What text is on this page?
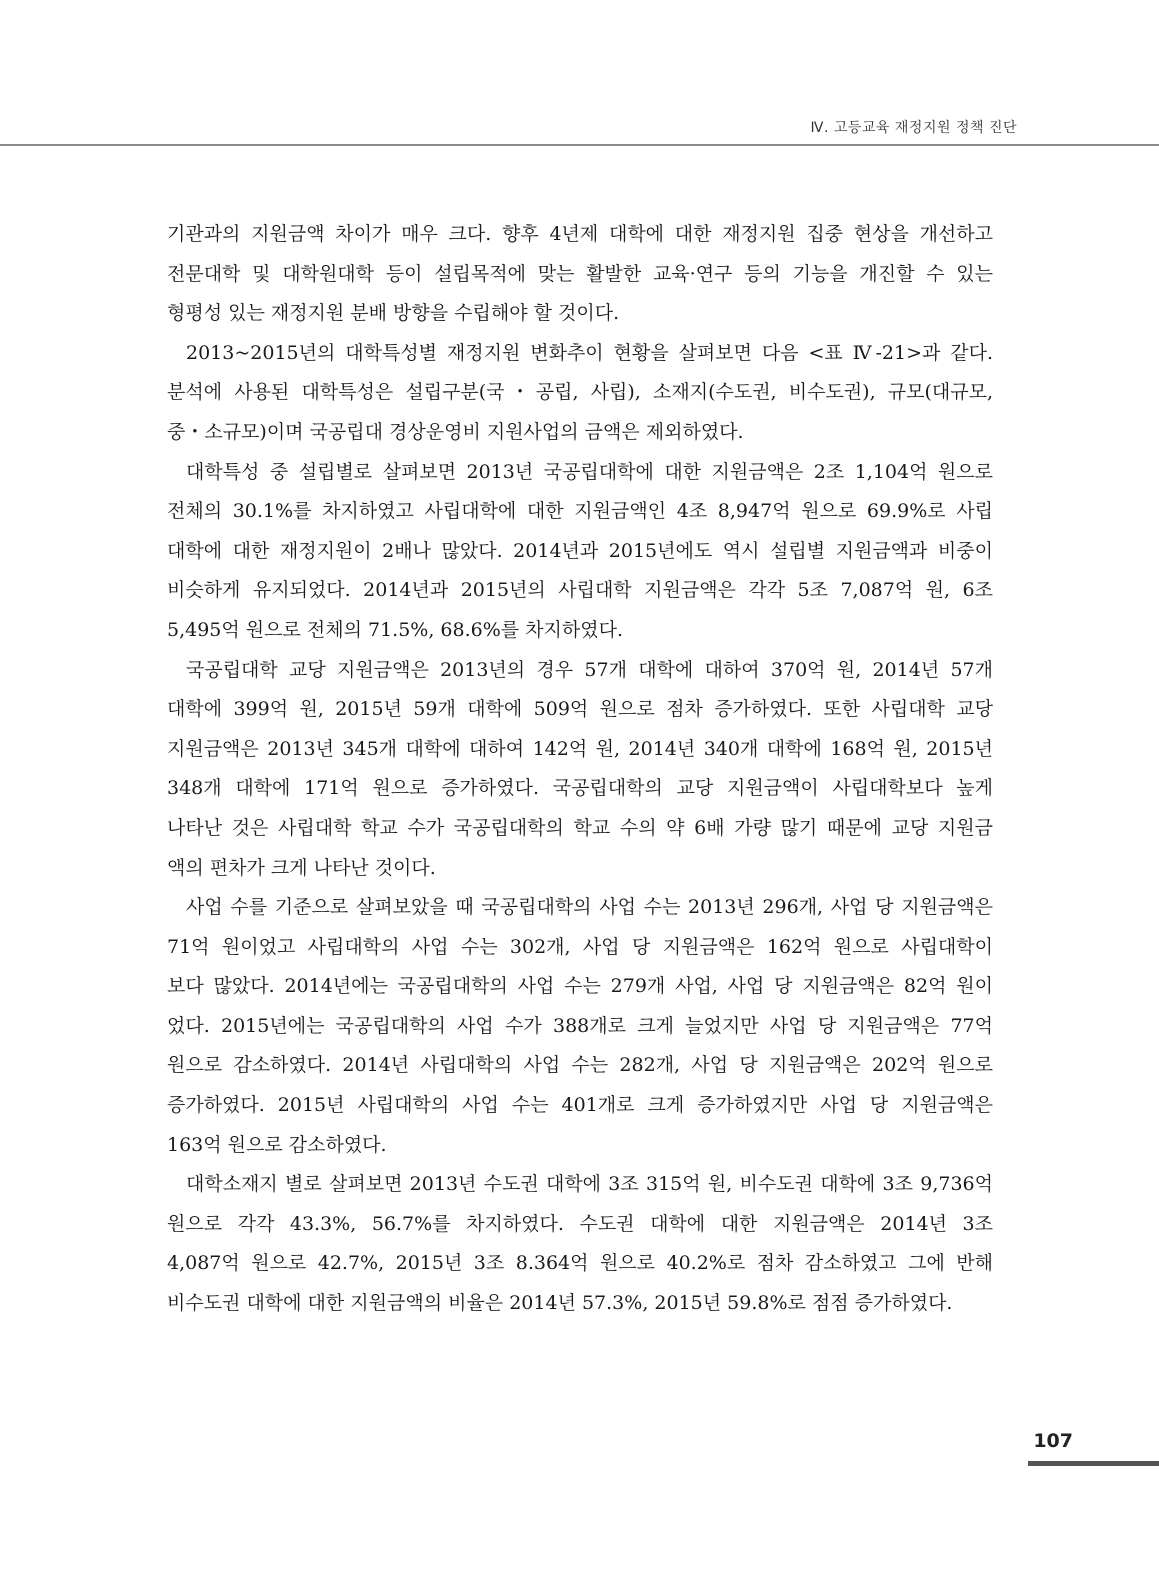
Ⅳ. 고등교육 재정지원 정책 진단
기관과의 지원금액 차이가 매우 크다. 향후 4년제 대학에 대한 재정지원 집중 현상을 개선하고
전문대학 및 대학원대학 등이 설립목적에 맞는 활발한 교육·연구 등의 기능을 개진할 수 있는
형평성 있는 재정지원 분배 방향을 수립해야 할 것이다.
2013~2015년의 대학특성별 재정지원 변화추이 현황을 살펴보면 다음 <표 Ⅳ-21>과 같다.
분석에 사용된 대학특성은 설립구분(국・공립, 사립), 소재지(수도권, 비수도권), 규모(대규모,
중・소규모)이며 국공립대 경상운영비 지원사업의 금액은 제외하였다.
대학특성 중 설립별로 살펴보면 2013년 국공립대학에 대한 지원금액은 2조 1,104억 원으로
전체의 30.1%를 차지하였고 사립대학에 대한 지원금액인 4조 8,947억 원으로 69.9%로 사립
대학에 대한 재정지원이 2배나 많았다. 2014년과 2015년에도 역시 설립별 지원금액과 비중이
비슷하게 유지되었다. 2014년과 2015년의 사립대학 지원금액은 각각 5조 7,087억 원, 6조
5,495억 원으로 전체의 71.5%, 68.6%를 차지하였다.
국공립대학 교당 지원금액은 2013년의 경우 57개 대학에 대하여 370억 원, 2014년 57개
대학에 399억 원, 2015년 59개 대학에 509억 원으로 점차 증가하였다. 또한 사립대학 교당
지원금액은 2013년 345개 대학에 대하여 142억 원, 2014년 340개 대학에 168억 원, 2015년
348개 대학에 171억 원으로 증가하였다. 국공립대학의 교당 지원금액이 사립대학보다 높게
나타난 것은 사립대학 학교 수가 국공립대학의 학교 수의 약 6배 가량 많기 때문에 교당 지원금
액의 편차가 크게 나타난 것이다.
사업 수를 기준으로 살펴보았을 때 국공립대학의 사업 수는 2013년 296개, 사업 당 지원금액은
71억 원이었고 사립대학의 사업 수는 302개, 사업 당 지원금액은 162억 원으로 사립대학이
보다 많았다. 2014년에는 국공립대학의 사업 수는 279개 사업, 사업 당 지원금액은 82억 원이
었다. 2015년에는 국공립대학의 사업 수가 388개로 크게 늘었지만 사업 당 지원금액은 77억
원으로 감소하였다. 2014년 사립대학의 사업 수는 282개, 사업 당 지원금액은 202억 원으로
증가하였다. 2015년 사립대학의 사업 수는 401개로 크게 증가하였지만 사업 당 지원금액은
163억 원으로 감소하였다.
대학소재지 별로 살펴보면 2013년 수도권 대학에 3조 315억 원, 비수도권 대학에 3조 9,736억
원으로 각각 43.3%, 56.7%를 차지하였다. 수도권 대학에 대한 지원금액은 2014년 3조
4,087억 원으로 42.7%, 2015년 3조 8.364억 원으로 40.2%로 점차 감소하였고 그에 반해
비수도권 대학에 대한 지원금액의 비율은 2014년 57.3%, 2015년 59.8%로 점점 증가하였다.
107
